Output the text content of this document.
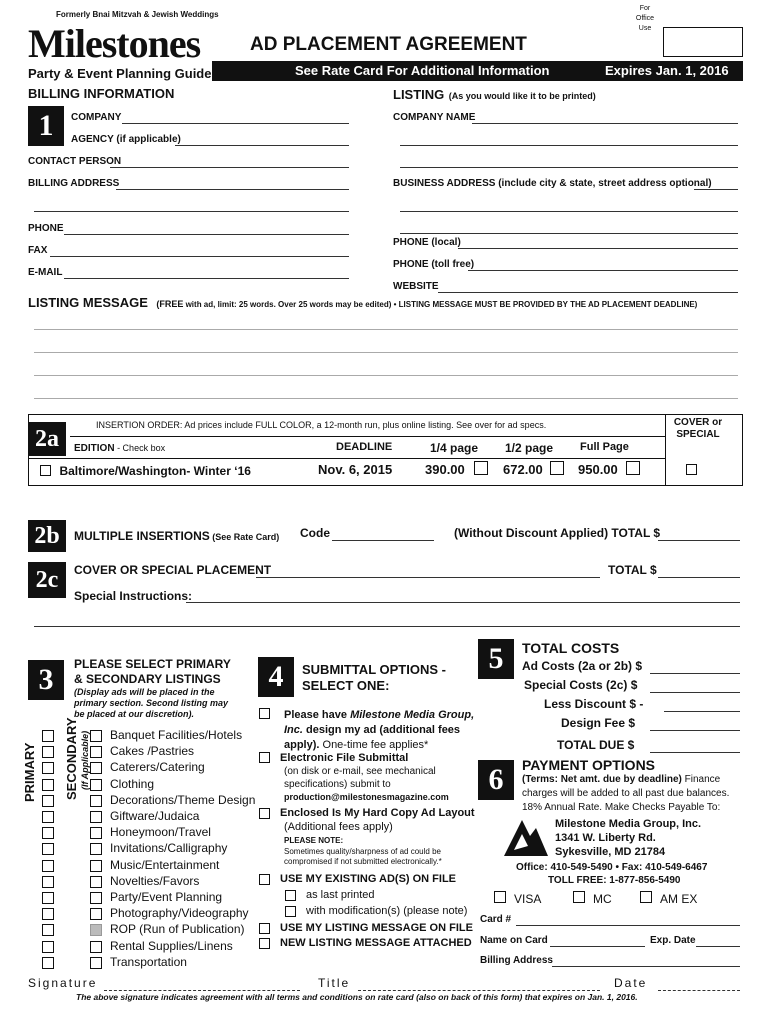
Formerly Bnai Mitzvah & Jewish Weddings
Milestones
Party & Event Planning Guide
AD PLACEMENT AGREEMENT
For Office Use
See Rate Card For Additional Information	Expires Jan. 1, 2016
BILLING INFORMATION
1	COMPANY
AGENCY (if applicable)
CONTACT PERSON
BILLING ADDRESS
PHONE
FAX
E-MAIL
LISTING (As you would like it to be printed)
COMPANY NAME
BUSINESS ADDRESS (include city & state, street address optional)
PHONE (local)
PHONE (toll free)
WEBSITE
LISTING MESSAGE (FREE with ad, limit: 25 words. Over 25 words may be edited) • LISTING MESSAGE MUST BE PROVIDED BY THE AD PLACEMENT DEADLINE)
2a
INSERTION ORDER: Ad prices include FULL COLOR, a 12-month run, plus online listing. See over for ad specs.	COVER or SPECIAL
EDITION - Check box	DEADLINE	1/4 page 1/2 page Full Page
Baltimore/Washington- Winter ‘16	Nov. 6, 2015	390.00	672.00	950.00
2b	MULTIPLE INSERTIONS (See Rate Card) Code	(Without Discount Applied) TOTAL $
2c	COVER OR SPECIAL PLACEMENT	TOTAL $
Special Instructions:
3	PLEASE SELECT PRIMARY
& SECONDARY LISTINGS
(Display ads will be placed in the
primary section. Second listing may
be placed at our discretion).
PRIMARY SECONDARY (If Applicable) Banquet Facilities/Hotels
Cakes /Pastries
Caterers/Catering
Clothing
Decorations/Theme Design
Giftware/Judaica
Honeymoon/Travel
Invitations/Calligraphy
Music/Entertainment
Novelties/Favors
Party/Event Planning
Photography/Videography
ROP (Run of Publication)
Rental Supplies/Linens
Transportation
4	SUBMITTAL OPTIONS -
SELECT ONE:
Please have Milestone Media Group,
Inc. design my ad (additional fees
apply). One-time fee applies*
Electronic File Submittal
(on disk or e-mail, see mechanical
specifications) submit to
production@milestonesmagazine.com
Enclosed Is My Hard Copy Ad Layout
(Additional fees apply)
PLEASE NOTE:
Sometimes quality/sharpness of ad could be
compromised if not submitted electronically.*
USE MY EXISTING AD(S) ON FILE
as last printed
with modification(s) (please note)
USE MY LISTING MESSAGE ON FILE
NEW LISTING MESSAGE ATTACHED
5	TOTAL COSTS
Ad Costs (2a or 2b) $
Special Costs (2c) $
Less Discount $ -
Design Fee $
TOTAL DUE $
6	PAYMENT OPTIONS
(Terms: Net amt. due by deadline) Finance
charges will be added to all past due balances.
18% Annual Rate. Make Checks Payable To:
Milestone Media Group, Inc.
1341 W. Liberty Rd.
Sykesville, MD 21784
Office: 410-549-5490 • Fax: 410-549-6467
TOLL FREE: 1-877-856-5490
VISA	MC	AM EX
Card #
Name on Card	Exp. Date
Billing Address
Signature	Title	Date
The above signature indicates agreement with all terms and conditions on rate card (also on back of this form) that expires on Jan. 1, 2016.
